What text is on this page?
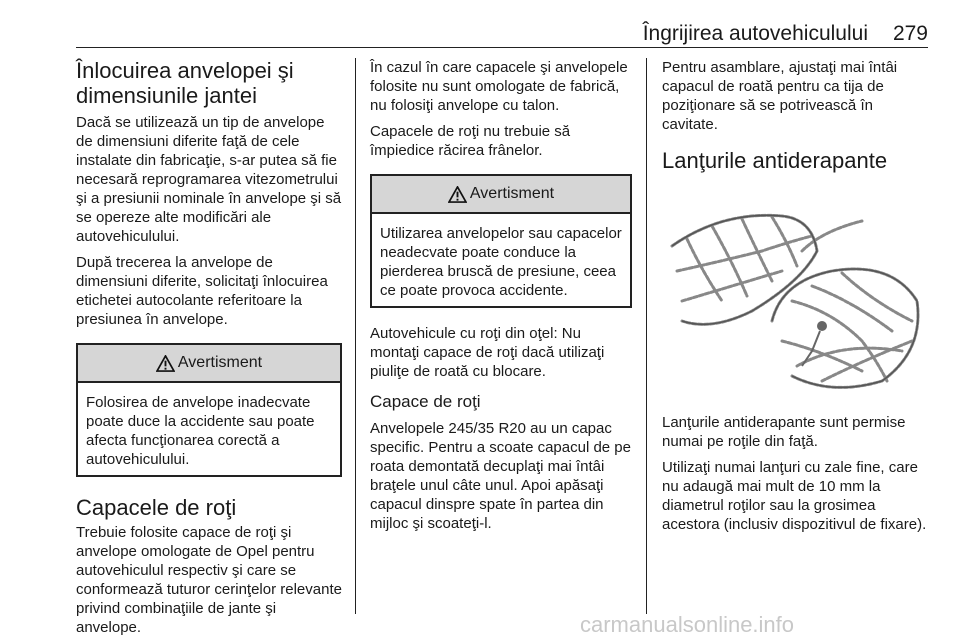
Îngrijirea autovehiculului 279
Înlocuirea anvelopei şi dimensiunile jantei

Dacă se utilizează un tip de anvelope de dimensiuni diferite faţă de cele instalate din fabricaţie, s-ar putea să fie necesară reprogramarea vitezometrului şi a presiunii nominale în anvelope şi să se opereze alte modificări ale autovehiculului.

După trecerea la anvelope de dimensiuni diferite, solicitaţi înlocuirea etichetei autocolante referitoare la presiunea în anvelope.

Avertisment
Folosirea de anvelope inadecvate poate duce la accidente sau poate afecta funcţionarea corectă a autovehiculului.
Capacele de roţi

Trebuie folosite capace de roţi şi anvelope omologate de Opel pentru autovehiculul respectiv şi care se conformează tuturor cerinţelor relevante privind combinaţiile de jante şi anvelope.

În cazul în care capacele şi anvelopele folosite nu sunt omologate de fabrică, nu folosiţi anvelope cu talon.

Capacele de roţi nu trebuie să împiedice răcirea frânelor.

Avertisment
Utilizarea anvelopelor sau capacelor neadecvate poate conduce la pierderea bruscă de presiune, ceea ce poate provoca accidente.

Autovehicule cu roţi din oţel: Nu montaţi capace de roţi dacă utilizaţi piuliţe de roată cu blocare.

Capace de roţi

Anvelopele 245/35 R20 au un capac specific. Pentru a scoate capacul de pe roata demontată decuplaţi mai întâi braţele unul câte unul. Apoi apăsaţi capacul dinspre spate în partea din mijloc şi scoateţi-l.

Pentru asamblare, ajustaţi mai întâi capacul de roată pentru ca tija de poziţionare să se potrivească în cavitate.

Lanţurile antiderapante

Lanţurile antiderapante sunt permise numai pe roţile din faţă.

Utilizaţi numai lanţuri cu zale fine, care nu adaugă mai mult de 10 mm la diametrul roţilor sau la grosimea acestora (inclusiv dispozitivul de fixare).

carmanualsonline.info
